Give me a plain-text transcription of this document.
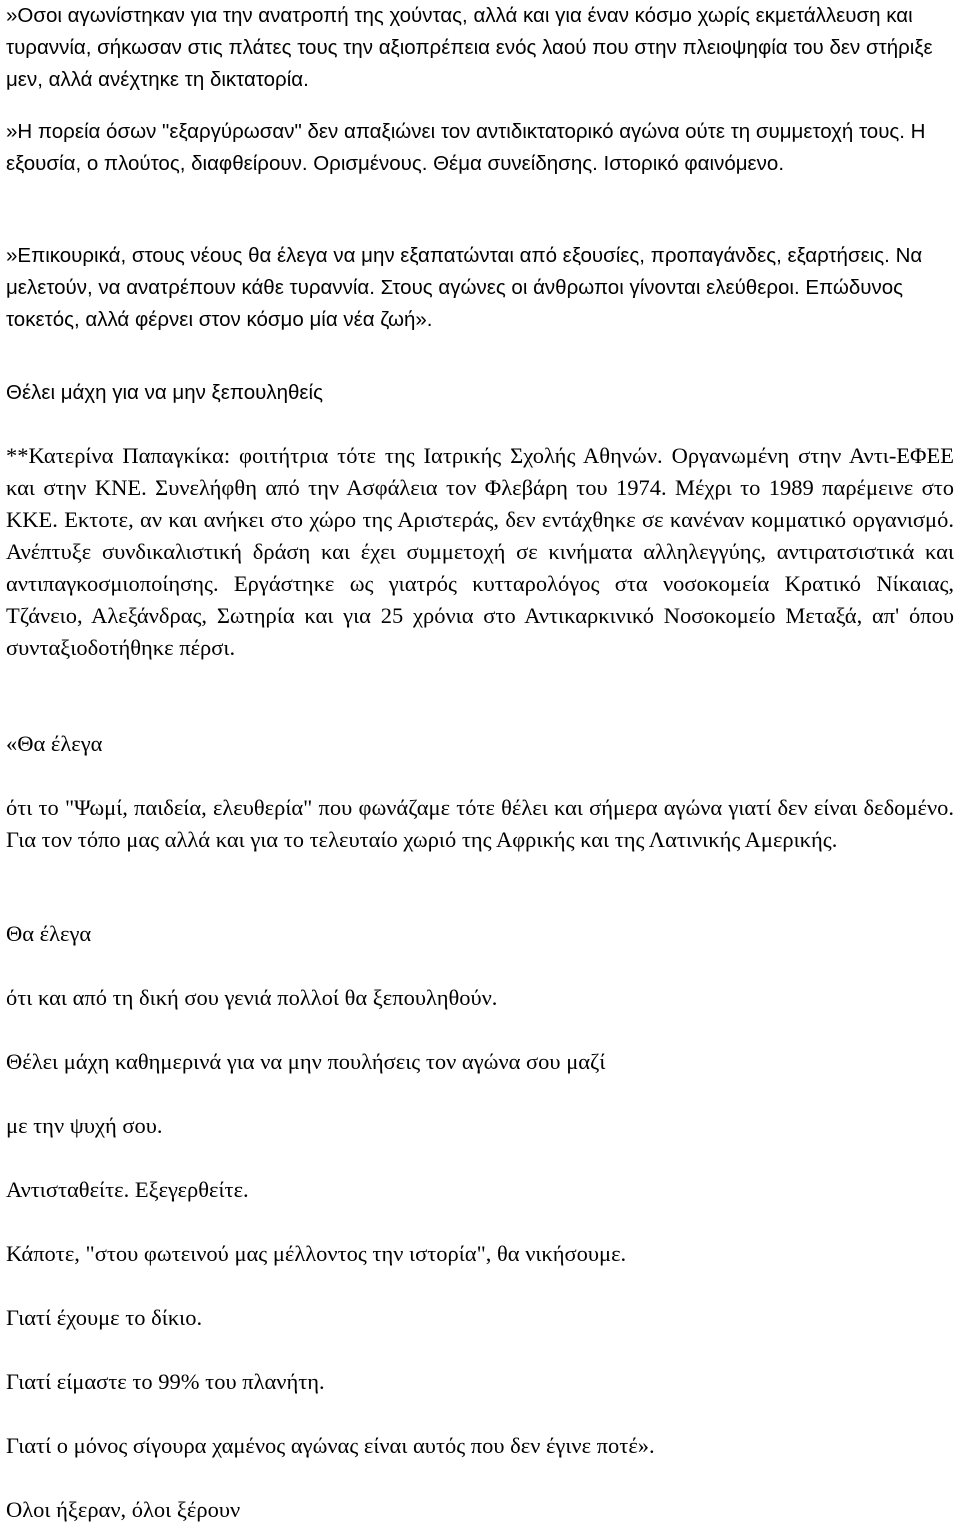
»Οσοι αγωνίστηκαν για την ανατροπή της χούντας, αλλά και για έναν κόσμο χωρίς εκμετάλλευση και τυραννία, σήκωσαν στις πλάτες τους την αξιοπρέπεια ενός λαού που στην πλειοψηφία του δεν στήριξε μεν, αλλά ανέχτηκε τη δικτατορία.

»Η πορεία όσων "εξαργύρωσαν" δεν απαξιώνει τον αντιδικτατορικό αγώνα ούτε τη συμμετοχή τους. Η εξουσία, ο πλούτος, διαφθείρουν. Ορισμένους. Θέμα συνείδησης. Ιστορικό φαινόμενο.

»Επικουρικά, στους νέους θα έλεγα να μην εξαπατώνται από εξουσίες, προπαγάνδες, εξαρτήσεις. Να μελετούν, να ανατρέπουν κάθε τυραννία. Στους αγώνες οι άνθρωποι γίνονται ελεύθεροι. Επώδυνος τοκετός, αλλά φέρνει στον κόσμο μία νέα ζωή».

Θέλει μάχη για να μην ξεπουληθείς

**Κατερίνα Παπαγκίκα: φοιτήτρια τότε της Ιατρικής Σχολής Αθηνών. Οργανωμένη στην Αντι-ΕΦΕΕ και στην ΚΝΕ. Συνελήφθη από την Ασφάλεια τον Φλεβάρη του 1974. Μέχρι το 1989 παρέμεινε στο ΚΚΕ. Εκτοτε, αν και ανήκει στο χώρο της Αριστεράς, δεν εντάχθηκε σε κανέναν κομματικό οργανισμό. Ανέπτυξε συνδικαλιστική δράση και έχει συμμετοχή σε κινήματα αλληλεγγύης, αντιρατσιστικά και αντιπαγκοσμιοποίησης. Εργάστηκε ως γιατρός κυτταρολόγος στα νοσοκομεία Κρατικό Νίκαιας, Τζάνειο, Αλεξάνδρας, Σωτηρία και για 25 χρόνια στο Αντικαρκινικό Νοσοκομείο Μεταξά, απ' όπου συνταξιοδοτήθηκε πέρσι.

«Θα έλεγα

ότι το "Ψωμί, παιδεία, ελευθερία" που φωνάζαμε τότε θέλει και σήμερα αγώνα γιατί δεν είναι δεδομένο. Για τον τόπο μας αλλά και για το τελευταίο χωριό της Αφρικής και της Λατινικής Αμερικής.

Θα έλεγα

ότι και από τη δική σου γενιά πολλοί θα ξεπουληθούν.

Θέλει μάχη καθημερινά για να μην πουλήσεις τον αγώνα σου μαζί

με την ψυχή σου.

Αντισταθείτε. Εξεγερθείτε.

Κάποτε, "στου φωτεινού μας μέλλοντος την ιστορία", θα νικήσουμε.

Γιατί έχουμε το δίκιο.

Γιατί είμαστε το 99% του πλανήτη.

Γιατί ο μόνος σίγουρα χαμένος αγώνας είναι αυτός που δεν έγινε ποτέ».

Ολοι ήξεραν, όλοι ξέρουν
